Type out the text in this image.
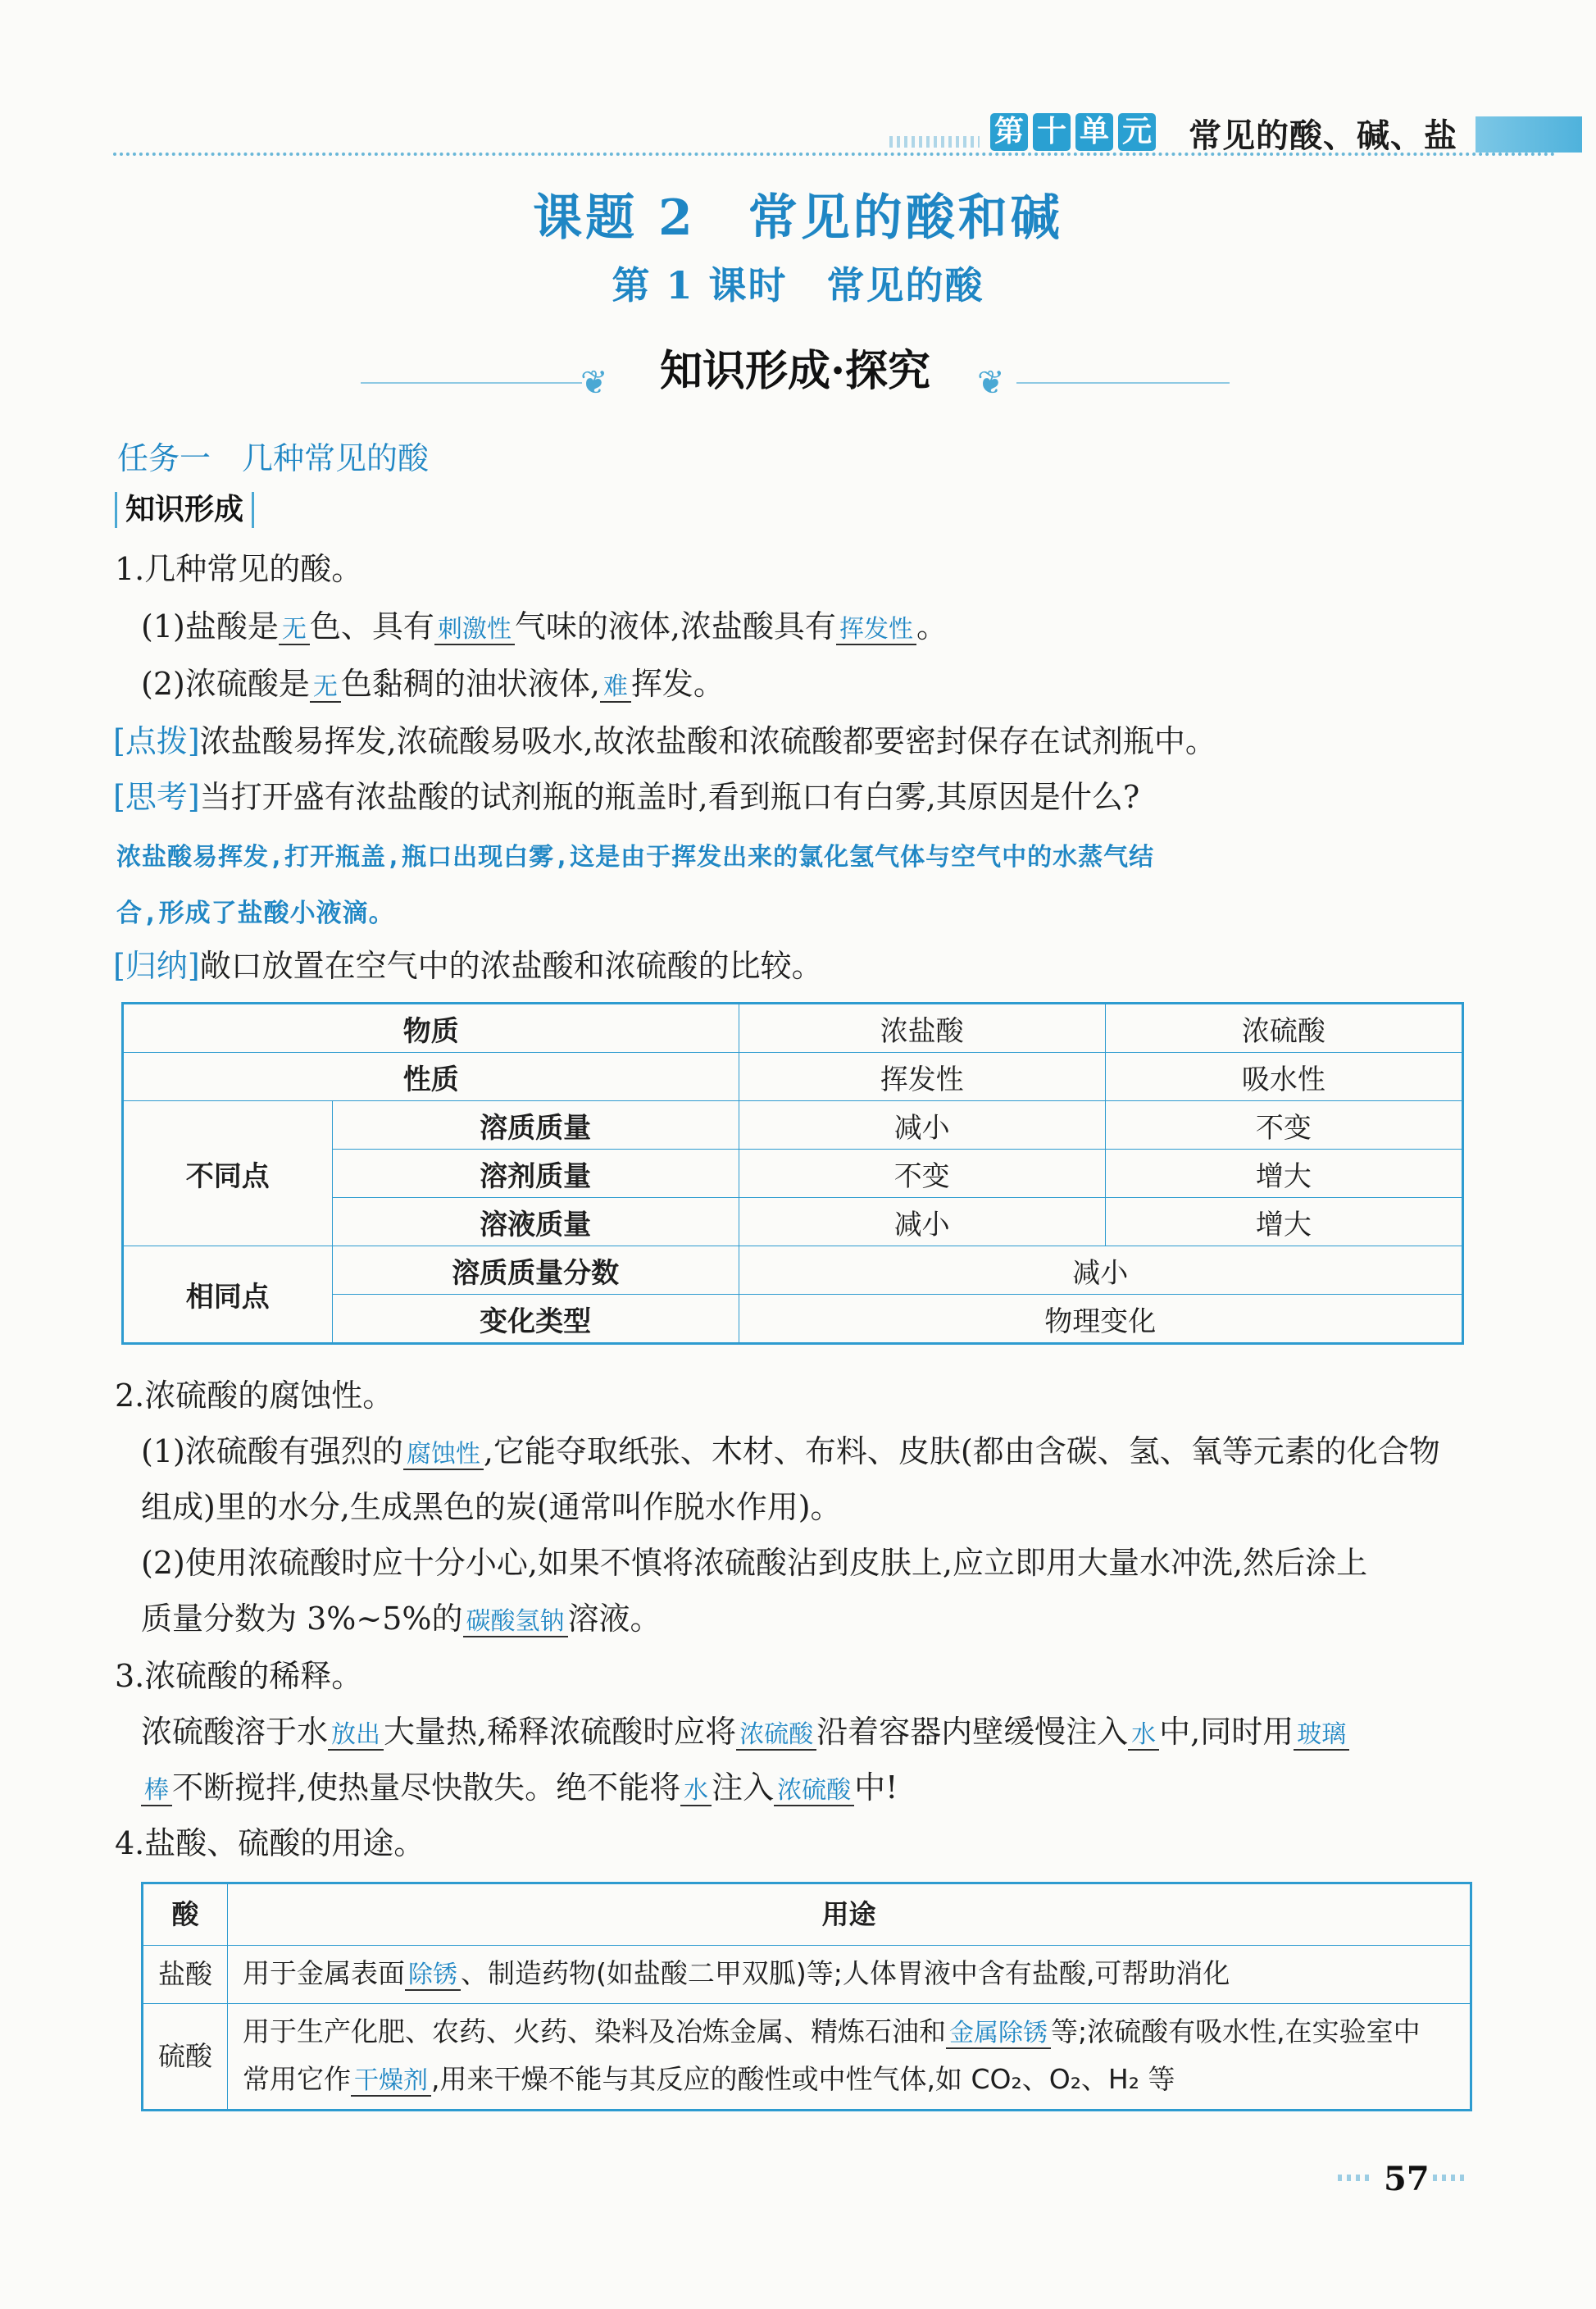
第 十 单 元 常见的酸、碱、盐
课题 2　常见的酸和碱
第 1 课时　常见的酸
❦	知识形成·探究	❦
任务一　几种常见的酸
知识形成
1.几种常见的酸。
(1)盐酸是 无 色、具有 刺激性 气味的液体,浓盐酸具有 挥发性 。
(2)浓硫酸是 无 色黏稠的油状液体, 难 挥发。
[点拨]浓盐酸易挥发,浓硫酸易吸水,故浓盐酸和浓硫酸都要密封保存在试剂瓶中。
[思考]当打开盛有浓盐酸的试剂瓶的瓶盖时,看到瓶口有白雾,其原因是什么?
浓盐酸易挥发,打开瓶盖,瓶口出现白雾,这是由于挥发出来的氯化氢气体与空气中的水蒸气结
合,形成了盐酸小液滴。
[归纳]敞口放置在空气中的浓盐酸和浓硫酸的比较。
物质		浓盐酸	浓硫酸
性质		挥发性	吸水性
不同点	溶质质量	减小	不变
	溶剂质量	不变	增大
	溶液质量	减小	增大
相同点	溶质质量分数	减小	
	变化类型	物理变化	
2.浓硫酸的腐蚀性。
(1)浓硫酸有强烈的 腐蚀性 ,它能夺取纸张、木材、布料、皮肤(都由含碳、氢、氧等元素的化合物
组成)里的水分,生成黑色的炭(通常叫作脱水作用)。
(2)使用浓硫酸时应十分小心,如果不慎将浓硫酸沾到皮肤上,应立即用大量水冲洗,然后涂上
质量分数为 3%~5%的 碳酸氢钠 溶液。
3.浓硫酸的稀释。
浓硫酸溶于水 放出 大量热,稀释浓硫酸时应将 浓硫酸 沿着容器内壁缓慢注入 水 中,同时用 玻璃
棒 不断搅拌,使热量尽快散失。绝不能将 水 注入 浓硫酸 中!
4.盐酸、硫酸的用途。
酸	用途
盐酸	用于金属表面 除锈 、制造药物(如盐酸二甲双胍)等;人体胃液中含有盐酸,可帮助消化
硫酸	用于生产化肥、农药、火药、染料及冶炼金属、精炼石油和 金属除锈 等;浓硫酸有吸水性,在实验室中
常用它作 干燥剂 ,用来干燥不能与其反应的酸性或中性气体,如 CO₂、O₂、H₂ 等
57
